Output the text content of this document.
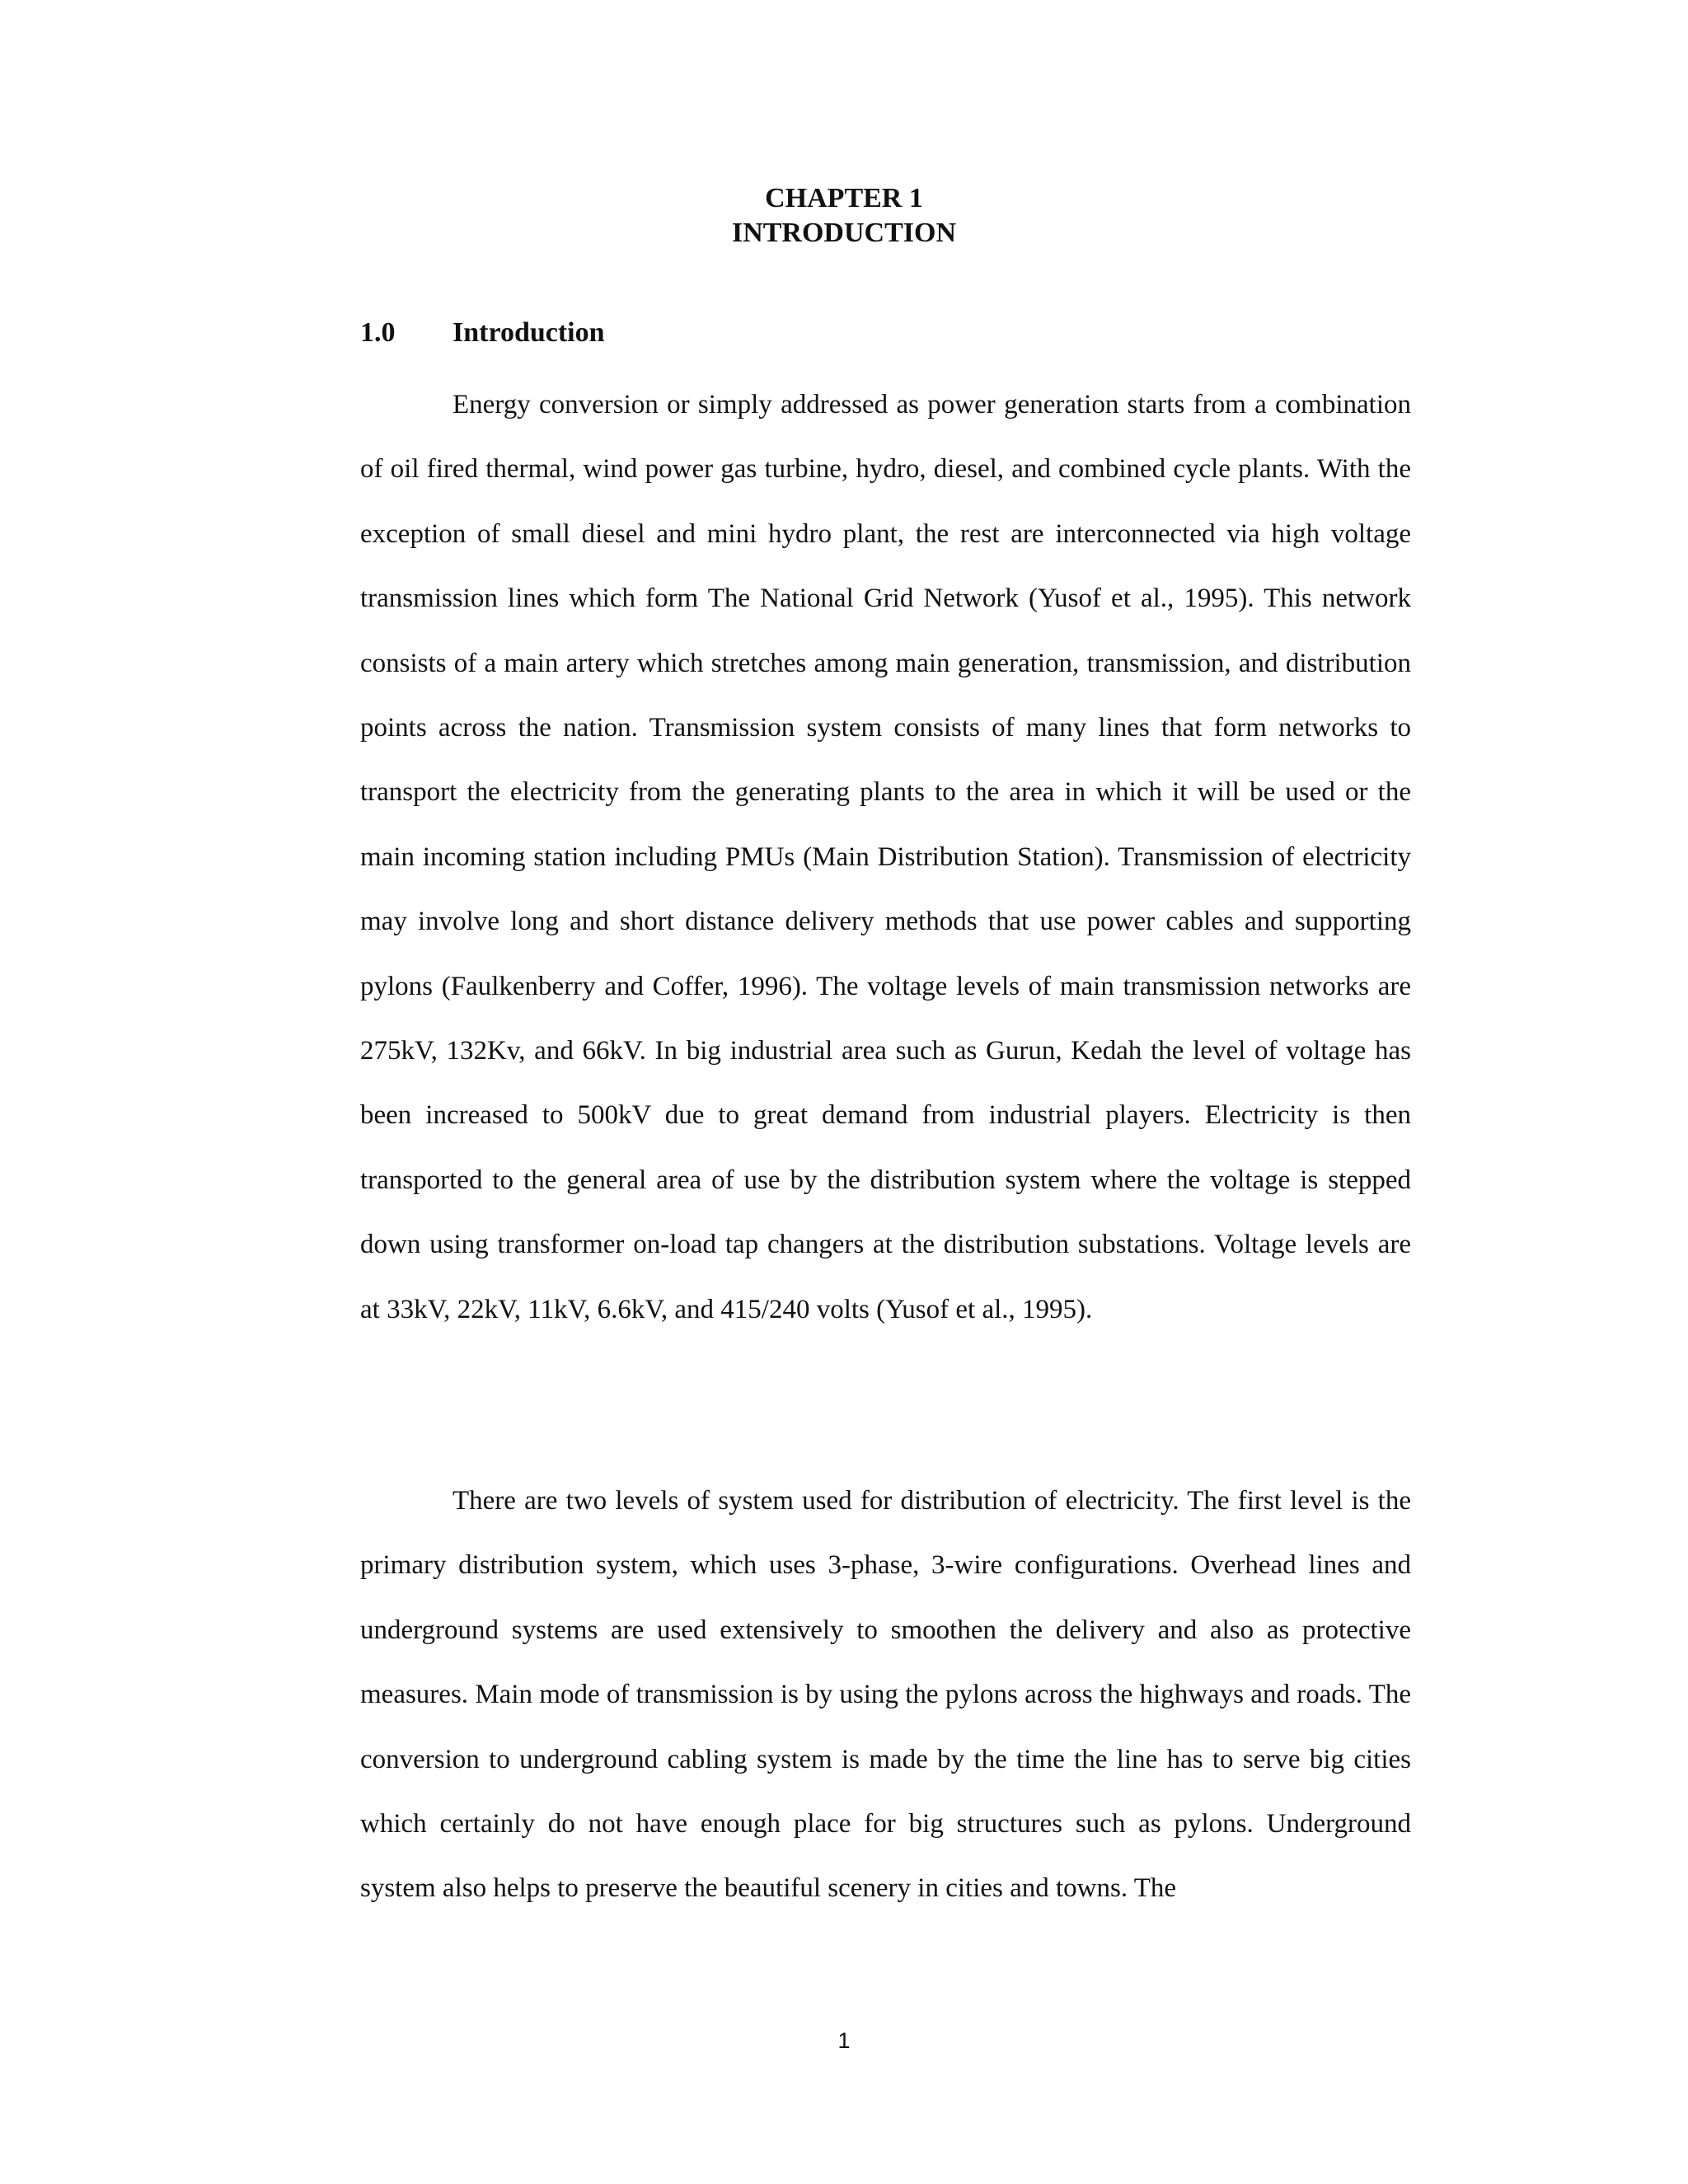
CHAPTER 1
INTRODUCTION
1.0 Introduction

Energy conversion or simply addressed as power generation starts from a combination of oil fired thermal, wind power gas turbine, hydro, diesel, and combined cycle plants. With the exception of small diesel and mini hydro plant, the rest are interconnected via high voltage transmission lines which form The National Grid Network (Yusof et al., 1995). This network consists of a main artery which stretches among main generation, transmission, and distribution points across the nation. Transmission system consists of many lines that form networks to transport the electricity from the generating plants to the area in which it will be used or the main incoming station including PMUs (Main Distribution Station). Transmission of electricity may involve long and short distance delivery methods that use power cables and supporting pylons (Faulkenberry and Coffer, 1996). The voltage levels of main transmission networks are 275kV, 132Kv, and 66kV. In big industrial area such as Gurun, Kedah the level of voltage has been increased to 500kV due to great demand from industrial players. Electricity is then transported to the general area of use by the distribution system where the voltage is stepped down using transformer on-load tap changers at the distribution substations. Voltage levels are at 33kV, 22kV, 11kV, 6.6kV, and 415/240 volts (Yusof et al., 1995).

There are two levels of system used for distribution of electricity. The first level is the primary distribution system, which uses 3-phase, 3-wire configurations. Overhead lines and underground systems are used extensively to smoothen the delivery and also as protective measures. Main mode of transmission is by using the pylons across the highways and roads. The conversion to underground cabling system is made by the time the line has to serve big cities which certainly do not have enough place for big structures such as pylons. Underground system also helps to preserve the beautiful scenery in cities and towns. The

1
